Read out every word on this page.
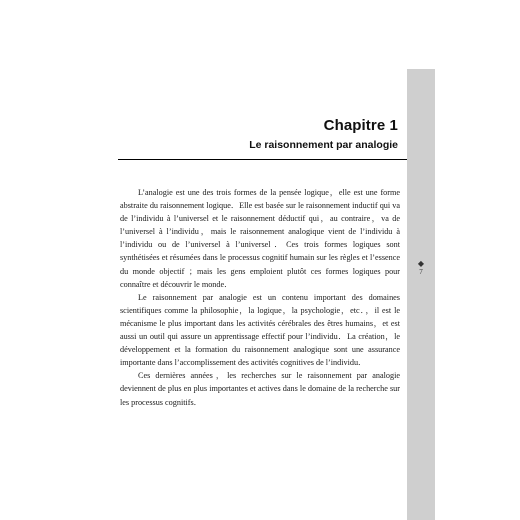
◆
7
Chapitre 1
Le raisonnement par analogie

L’analogie est une des trois formes de la pensée logique，elle est une forme abstraite du raisonnement logique．Elle est basée sur le raisonnement inductif qui va de l’individu à l’universel et le raisonnement déductif qui，au contraire，va de l’universel à l’individu，mais le raisonnement analogique vient de l’individu à l’individu ou de l’universel à l’universel．Ces trois formes logiques sont synthétisées et résumées dans le processus cognitif humain sur les règles et l’essence du monde objectif ；mais les gens emploient plutôt ces formes logiques pour connaître et découvrir le monde．

Le raisonnement par analogie est un contenu important des domaines scientifiques comme la philosophie，la logique，la psychologie，etc．，il est le mécanisme le plus important dans les activités cérébrales des êtres humains，et est aussi un outil qui assure un apprentissage effectif pour l’individu．La création，le développement et la formation du raisonnement analogique sont une assurance importante dans l’accomplissement des activités cognitives de l’individu．

Ces dernières années，les recherches sur le raisonnement par analogie deviennent de plus en plus importantes et actives dans le domaine de la recherche sur les processus cognitifs．
